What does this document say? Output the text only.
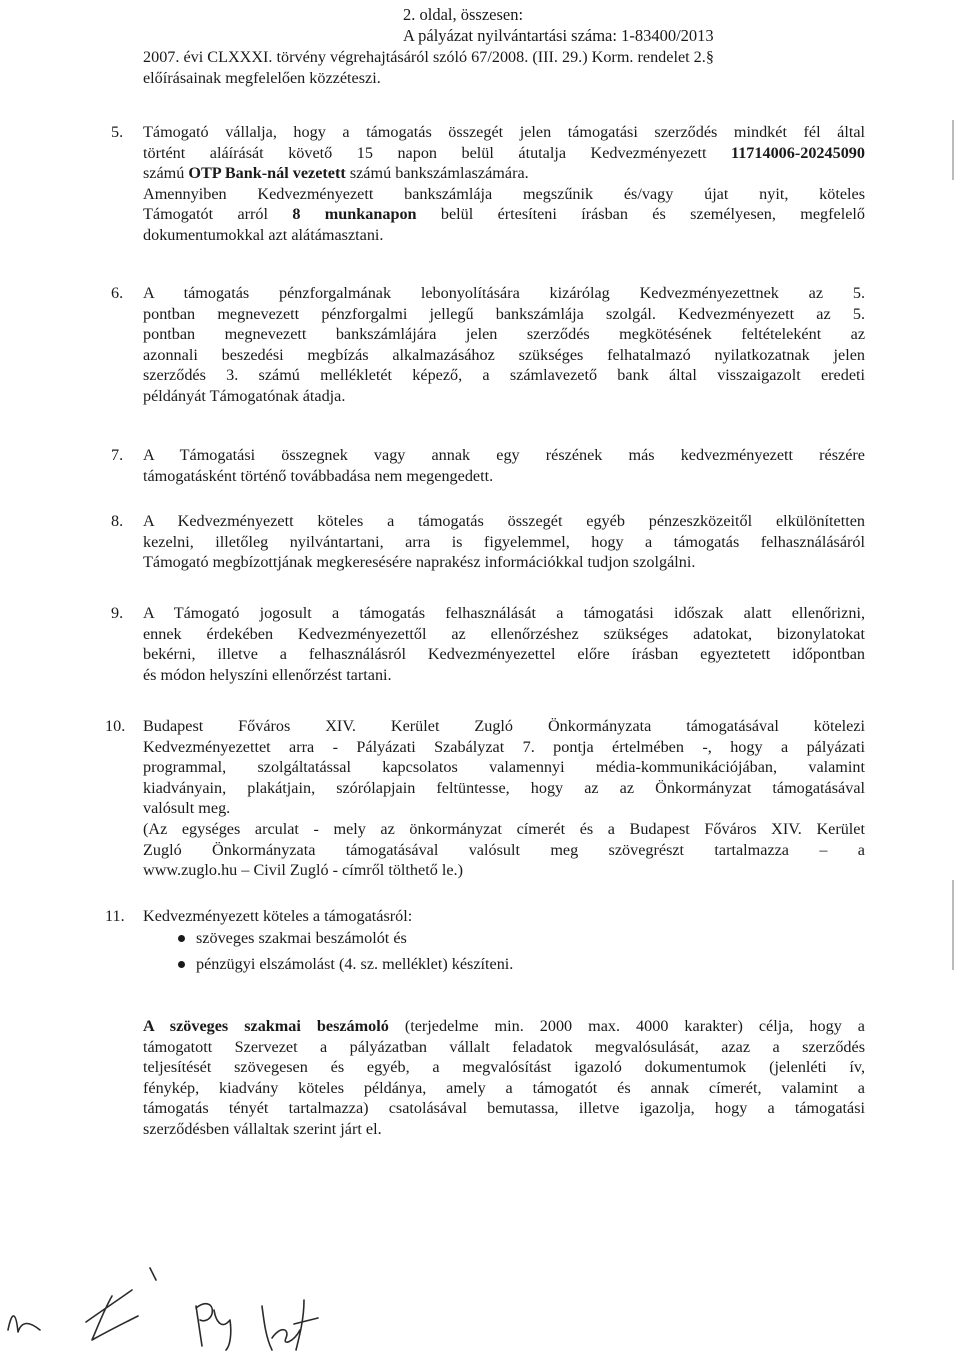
2. oldal, összesen:
A pályázat nyilvántartási száma: 1-83400/2013
2007. évi CLXXXI. törvény végrehajtásáról szóló 67/2008. (III. 29.) Korm. rendelet 2.§
előírásainak megfelelően közzéteszi.
5. Támogató vállalja, hogy a támogatás összegét jelen támogatási szerződés mindkét fél által
történt aláírását követő 15 napon belül átutalja Kedvezményezett 11714006-20245090
számú OTP Bank-nál vezetett számú bankszámlaszámára.
Amennyiben Kedvezményezett bankszámlája megszűnik és/vagy újat nyit, köteles
Támogatót arról 8 munkanapon belül értesíteni írásban és személyesen, megfelelő
dokumentumokkal azt alátámasztani.
6. A támogatás pénzforgalmának lebonyolítására kizárólag Kedvezményezettnek az 5.
pontban megnevezett pénzforgalmi jellegű bankszámlája szolgál. Kedvezményezett az 5.
pontban megnevezett bankszámlájára jelen szerződés megkötésének feltételeként az
azonnali beszedési megbízás alkalmazásához szükséges felhatalmazó nyilatkozatnak jelen
szerződés 3. számú mellékletét képező, a számlavezető bank által visszaigazolt eredeti
példányát Támogatónak átadja.
7. A Támogatási összegnek vagy annak egy részének más kedvezményezett részére
támogatásként történő továbbadása nem megengedett.
8. A Kedvezményezett köteles a támogatás összegét egyéb pénzeszközeitől elkülönítetten
kezelni, illetőleg nyilvántartani, arra is figyelemmel, hogy a támogatás felhasználásáról
Támogató megbízottjának megkeresésére naprakész információkkal tudjon szolgálni.
9. A Támogató jogosult a támogatás felhasználását a támogatási időszak alatt ellenőrizni,
ennek érdekében Kedvezményezettől az ellenőrzéshez szükséges adatokat, bizonylatokat
bekérni, illetve a felhasználásról Kedvezményezettel előre írásban egyeztetett időpontban
és módon helyszíni ellenőrzést tartani.
10. Budapest Főváros XIV. Kerület Zugló Önkormányzata támogatásával kötelezi
Kedvezményezettet arra - Pályázati Szabályzat 7. pontja értelmében -, hogy a pályázati
programmal, szolgáltatással kapcsolatos valamennyi média-kommunikációjában, valamint
kiadványain, plakátjain, szórólapjain feltüntesse, hogy az az Önkormányzat támogatásával
valósult meg.
(Az egységes arculat - mely az önkormányzat címerét és a Budapest Főváros XIV. Kerület
Zugló Önkormányzata támogatásával valósult meg szövegrészt tartalmazza – a
www.zuglo.hu – Civil Zugló - címről tölthető le.)
11. Kedvezményezett köteles a támogatásról:
szöveges szakmai beszámolót és
pénzügyi elszámolást (4. sz. melléklet) készíteni.
A szöveges szakmai beszámoló (terjedelme min. 2000 max. 4000 karakter) célja, hogy a
támogatott Szervezet a pályázatban vállalt feladatok megvalósulását, azaz a szerződés
teljesítését szövegesen és egyéb, a megvalósítást igazoló dokumentumok (jelenléti ív,
fénykép, kiadvány köteles példánya, amely a támogatót és annak címerét, valamint a
támogatás tényét tartalmazza) csatolásával bemutassa, illetve igazolja, hogy a támogatási
szerződésben vállaltak szerint járt el.
